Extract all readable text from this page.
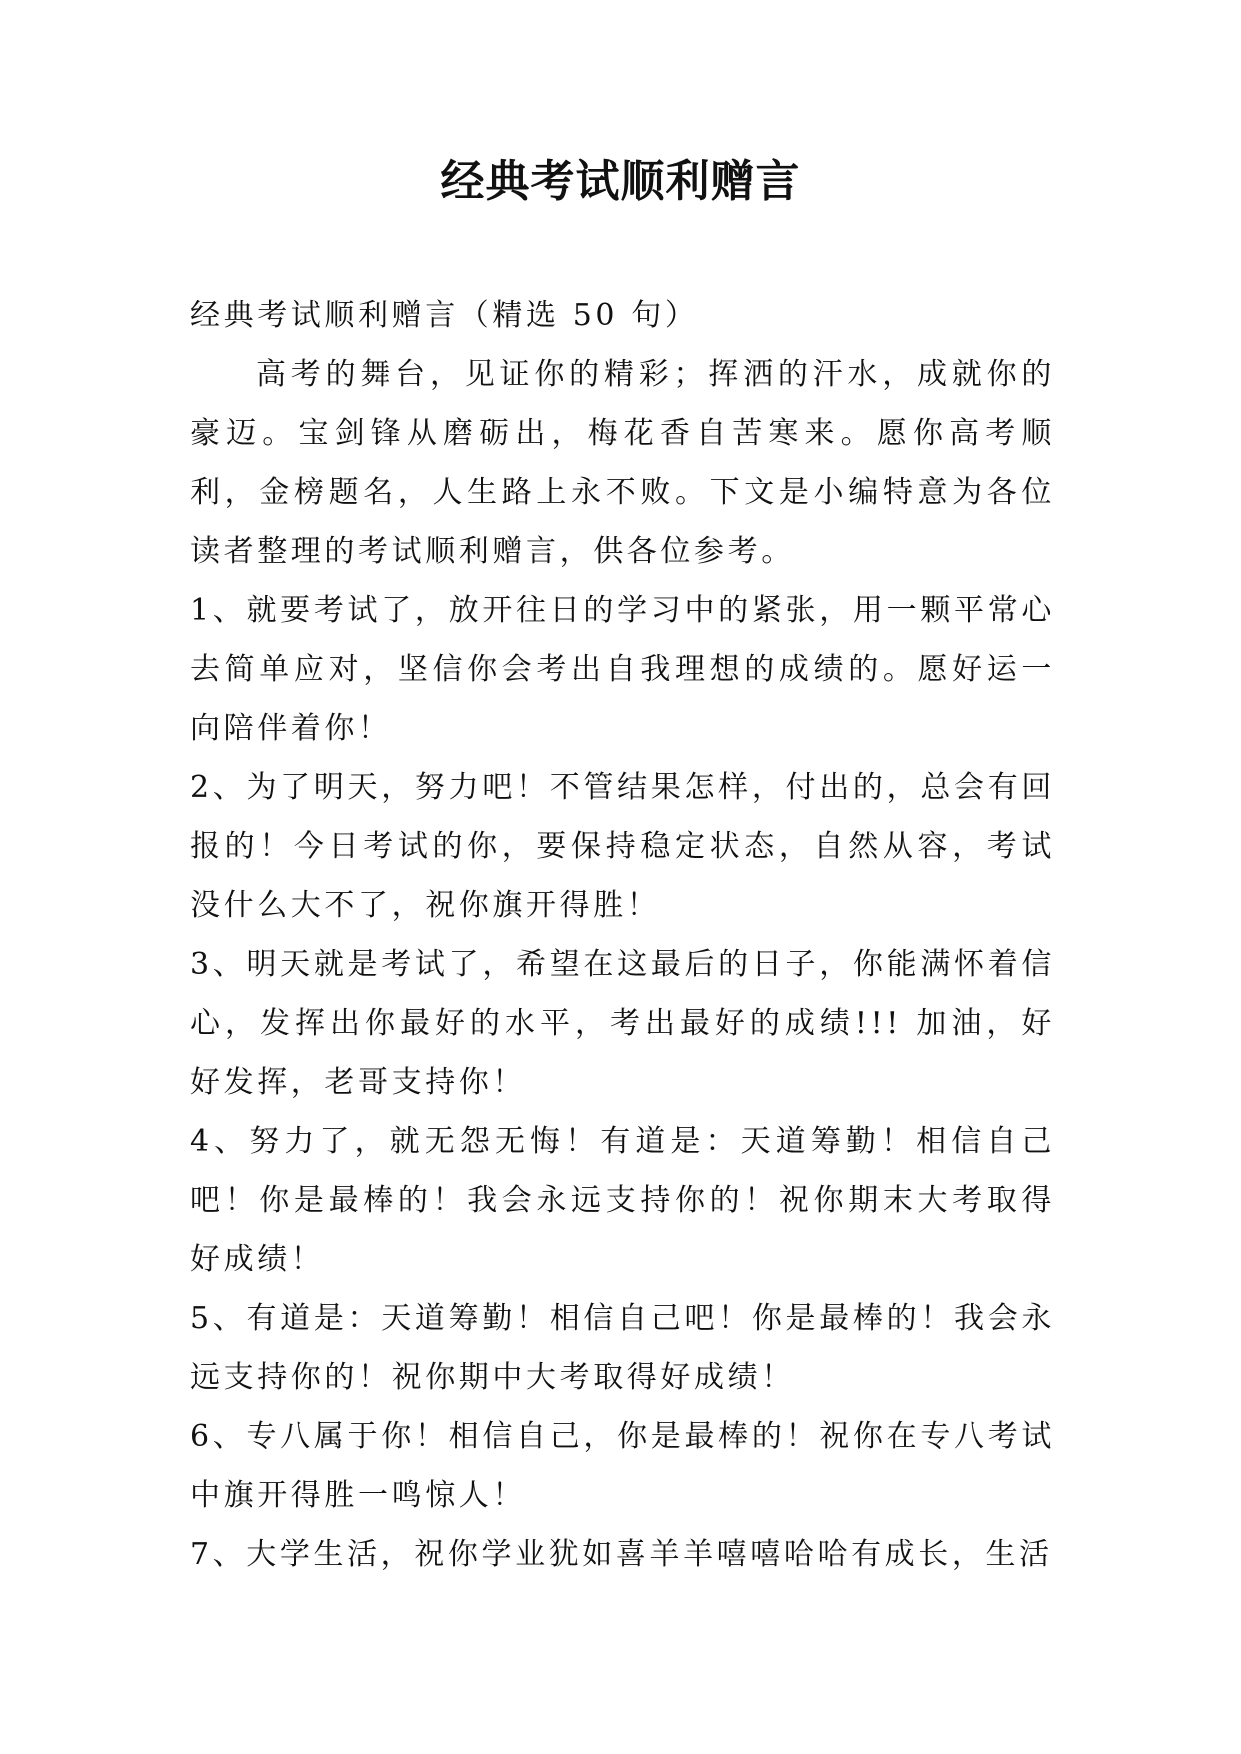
经典考试顺利赠言

经典考试顺利赠言（精选 50 句）

高考的舞台，见证你的精彩；挥洒的汗水，成就你的豪迈。宝剑锋从磨砺出，梅花香自苦寒来。愿你高考顺利，金榜题名，人生路上永不败。下文是小编特意为各位读者整理的考试顺利赠言，供各位参考。

1、就要考试了，放开往日的学习中的紧张，用一颗平常心去简单应对，坚信你会考出自我理想的成绩的。愿好运一向陪伴着你！

2、为了明天，努力吧！不管结果怎样，付出的，总会有回报的！今日考试的你，要保持稳定状态，自然从容，考试没什么大不了，祝你旗开得胜！

3、明天就是考试了，希望在这最后的日子，你能满怀着信心，发挥出你最好的水平，考出最好的成绩!!! 加油，好好发挥，老哥支持你！

4、努力了，就无怨无悔！有道是：天道筹勤！相信自己吧！你是最棒的！我会永远支持你的！祝你期末大考取得好成绩！

5、有道是：天道筹勤！相信自己吧！你是最棒的！我会永远支持你的！祝你期中大考取得好成绩！

6、专八属于你！相信自己，你是最棒的！祝你在专八考试中旗开得胜一鸣惊人！

7、大学生活，祝你学业犹如喜羊羊嘻嘻哈哈有成长，生活
